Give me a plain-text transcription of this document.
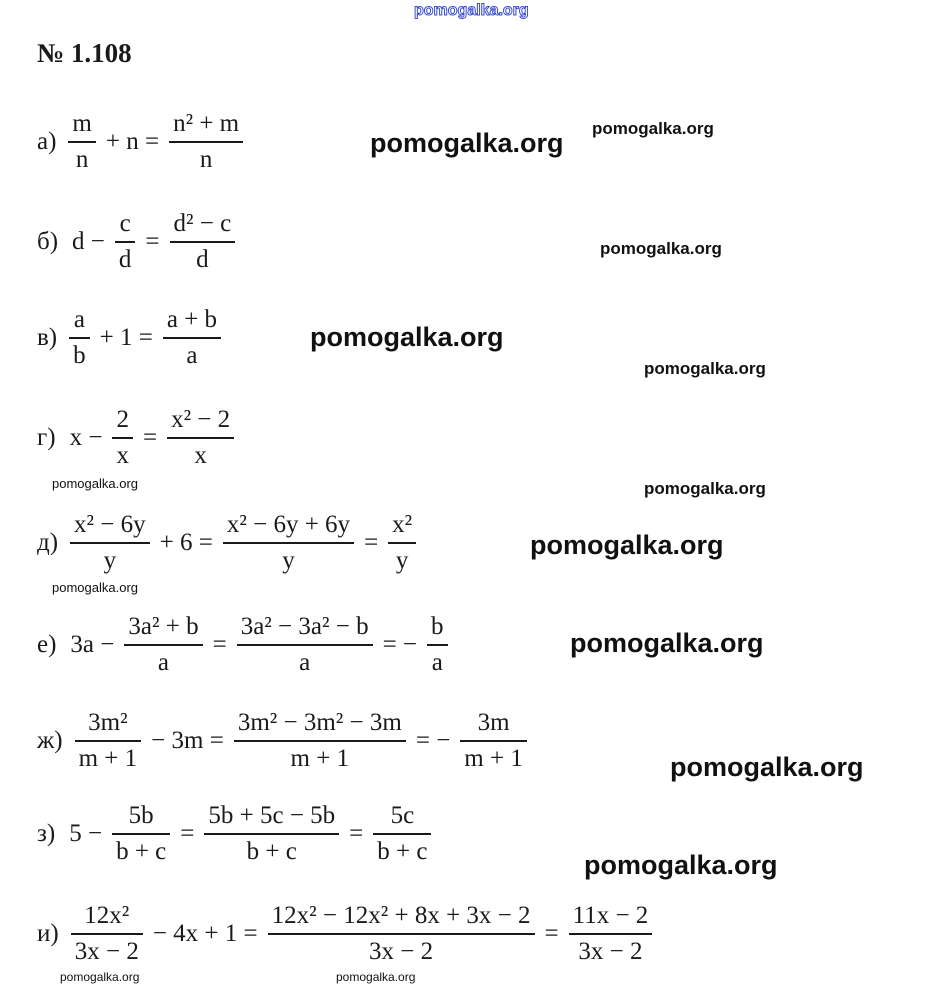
№ 1.108
$а) \frac{m}{n} + n = \frac{\text{n² + m}}{n}$
б) $d - \frac{c}{d} = \frac{\text{d² − c}}{d}$
$в) \frac{a}{b} + 1 = \frac{a + b}{a}$
г) $x - \frac{2}{x} = \frac{\text{x² − 2}}{x}$
$д) \frac{\text{x² − 6y}}{y} + 6 = \frac{\text{x² − 6y + 6y}}{y} = \frac{\text{x²}}{y}$
е) $3a - \frac{\text{3a² + b}}{a} = \frac{\text{3a² − 3a² − b}}{a}$ = − $\frac{b}{a}$
$ж) \frac{\text{3m²}}{m + 1} - 3m = \frac{\text{3m² − 3m² − 3m}}{m + 1}$ = − $\frac{3m}{m + 1}$
з) $5 - \frac{5b}{b + c} = \frac{5b + 5c - 5b}{b + c} = \frac{5c}{b + c}$
$и) \frac{\text{12x²}}{3x - 2} - 4x + 1 = \frac{\text{12x² − 12x² + 8x + 3x − 2}}{3x - 2} = \frac{11x - 2}{3x - 2}$
pomogalka.org
pomogalka.org
pomogalka.org
pomogalka.org
pomogalka.org
pomogalka.org
pomogalka.org
pomogalka.org
pomogalka.org
pomogalka.org
pomogalka.org
pomogalka.org
pomogalka.org
pomogalka.org	pomogalka.org
